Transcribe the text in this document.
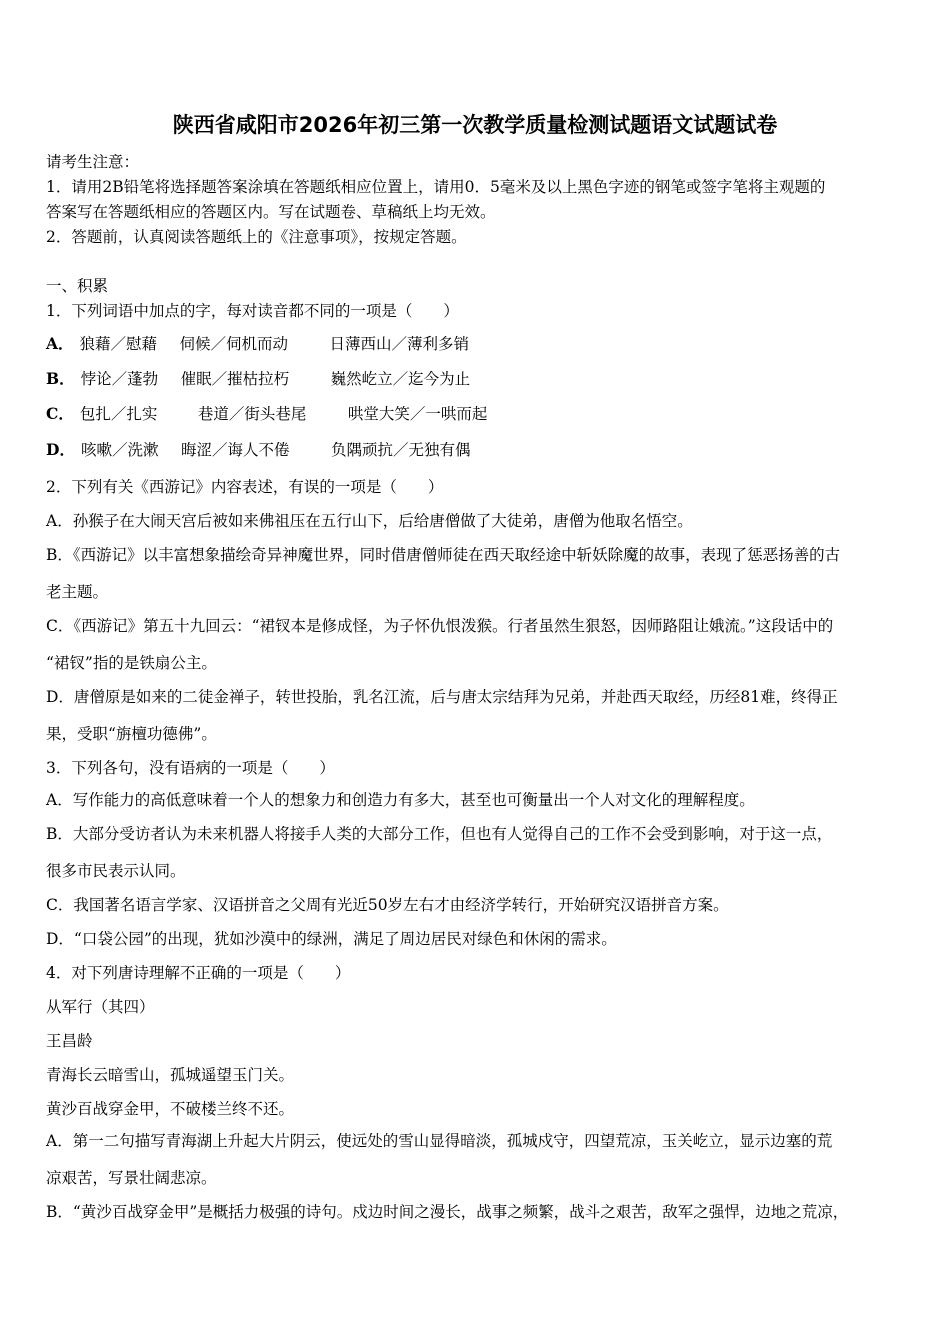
陕西省咸阳市2026年初三第一次教学质量检测试题语文试题试卷
请考生注意：
1．请用2B铅笔将选择题答案涂填在答题纸相应位置上，请用0．5毫米及以上黑色字迹的钢笔或签字笔将主观题的
答案写在答题纸相应的答题区内。写在试题卷、草稿纸上均无效。
2．答题前，认真阅读答题纸上的《注意事项》，按规定答题。
一、积累
1．下列词语中加点的字，每对读音都不同的一项是（　　）
A． 狼藉／慰藉 伺候／伺机而动	日薄西山／薄利多销
B． 悖论／蓬勃 催眠／摧枯拉朽	巍然屹立／迄今为止
C． 包扎／扎实	巷道／街头巷尾	哄堂大笑／一哄而起
D． 咳嗽／洗漱 晦涩／诲人不倦	负隅顽抗／无独有偶
2．下列有关《西游记》内容表述，有误的一项是（　　）
A．孙猴子在大闹天宫后被如来佛祖压在五行山下，后给唐僧做了大徒弟，唐僧为他取名悟空。
B．《西游记》以丰富想象描绘奇异神魔世界，同时借唐僧师徒在西天取经途中斩妖除魔的故事，表现了惩恶扬善的古
老主题。
C．《西游记》第五十九回云：“裙钗本是修成怪，为子怀仇恨泼猴。行者虽然生狠怒，因师路阻让娥流。”这段话中的
“裙钗”指的是铁扇公主。
D．唐僧原是如来的二徒金禅子，转世投胎，乳名江流，后与唐太宗结拜为兄弟，并赴西天取经，历经81难，终得正
果，受职“旃檀功德佛”。
3．下列各句，没有语病的一项是（　　）
A．写作能力的高低意味着一个人的想象力和创造力有多大，甚至也可衡量出一个人对文化的理解程度。
B．大部分受访者认为未来机器人将接手人类的大部分工作，但也有人觉得自己的工作不会受到影响，对于这一点，
很多市民表示认同。
C．我国著名语言学家、汉语拼音之父周有光近50岁左右才由经济学转行，开始研究汉语拼音方案。
D．“口袋公园”的出现，犹如沙漠中的绿洲，满足了周边居民对绿色和休闲的需求。
4．对下列唐诗理解不正确的一项是（　　）
从军行（其四）
王昌龄
青海长云暗雪山，孤城遥望玉门关。
黄沙百战穿金甲，不破楼兰终不还。
A．第一二句描写青海湖上升起大片阴云，使远处的雪山显得暗淡，孤城戍守，四望荒凉，玉关屹立，显示边塞的荒
凉艰苦，写景壮阔悲凉。
B．“黄沙百战穿金甲”是概括力极强的诗句。戍边时间之漫长，战事之频繁，战斗之艰苦，敌军之强悍，边地之荒凉，
